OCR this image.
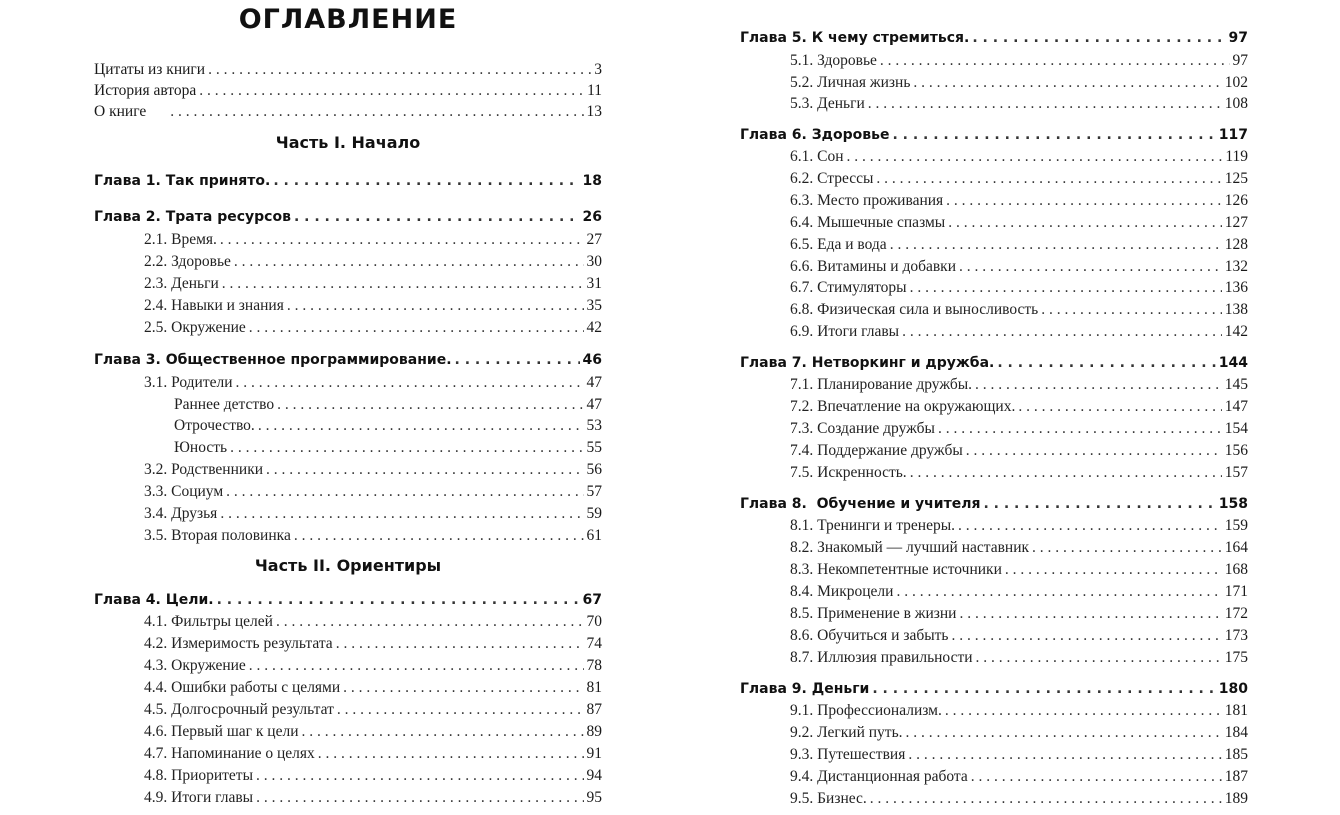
ОГЛАВЛЕНИЕ
Цитаты из книги . . .	3
История автора . . .	11
О книге . . .	13
Часть I. Начало
Глава 1. Так принято. . . .	18
Глава 2. Трата ресурсов . . .	26
2.1. Время. . . .	27
2.2. Здоровье . . .	30
2.3. Деньги . . .	31
2.4. Навыки и знания . . .	35
2.5. Окружение . . .	42
Глава 3. Общественное программирование. . . .	46
3.1. Родители . . .	47
Раннее детство . . .	47
Отрочество. . . .	53
Юность . . .	55
3.2. Родственники . . .	56
3.3. Социум . . .	57
3.4. Друзья . . .	59
3.5. Вторая половинка . . .	61
Часть II. Ориентиры
Глава 4. Цели. . . .	67
4.1. Фильтры целей . . .	70
4.2. Измеримость результата . . .	74
4.3. Окружение . . .	78
4.4. Ошибки работы с целями . . .	81
4.5. Долгосрочный результат . . .	87
4.6. Первый шаг к цели . . .	89
4.7. Напоминание о целях . . .	91
4.8. Приоритеты . . .	94
4.9. Итоги главы . . .	95
Глава 5. К чему стремиться. . . .	97
5.1. Здоровье . . .	97
5.2. Личная жизнь . . .	102
5.3. Деньги . . .	108
Глава 6. Здоровье . . .	117
6.1. Сон . . .	119
6.2. Стрессы . . .	125
6.3. Место проживания . . .	126
6.4. Мышечные спазмы . . .	127
6.5. Еда и вода . . .	128
6.6. Витамины и добавки . . .	132
6.7. Стимуляторы . . .	136
6.8. Физическая сила и выносливость . . .	138
6.9. Итоги главы . . .	142
Глава 7. Нетворкинг и дружба. . . .	144
7.1. Планирование дружбы. . . .	145
7.2. Впечатление на окружающих. . . .	147
7.3. Создание дружбы . . .	154
7.4. Поддержание дружбы . . .	156
7.5. Искренность. . . .	157
Глава 8.  Обучение и учителя . . .	158
8.1. Тренинги и тренеры. . . .	159
8.2. Знакомый — лучший наставник . . .	164
8.3. Некомпетентные источники . . .	168
8.4. Микроцели . . .	171
8.5. Применение в жизни . . .	172
8.6. Обучиться и забыть . . .	173
8.7. Иллюзия правильности . . .	175
Глава 9. Деньги . . .	180
9.1. Профессионализм. . . .	181
9.2. Легкий путь. . . .	184
9.3. Путешествия . . .	185
9.4. Дистанционная работа . . .	187
9.5. Бизнес. . . .	189
